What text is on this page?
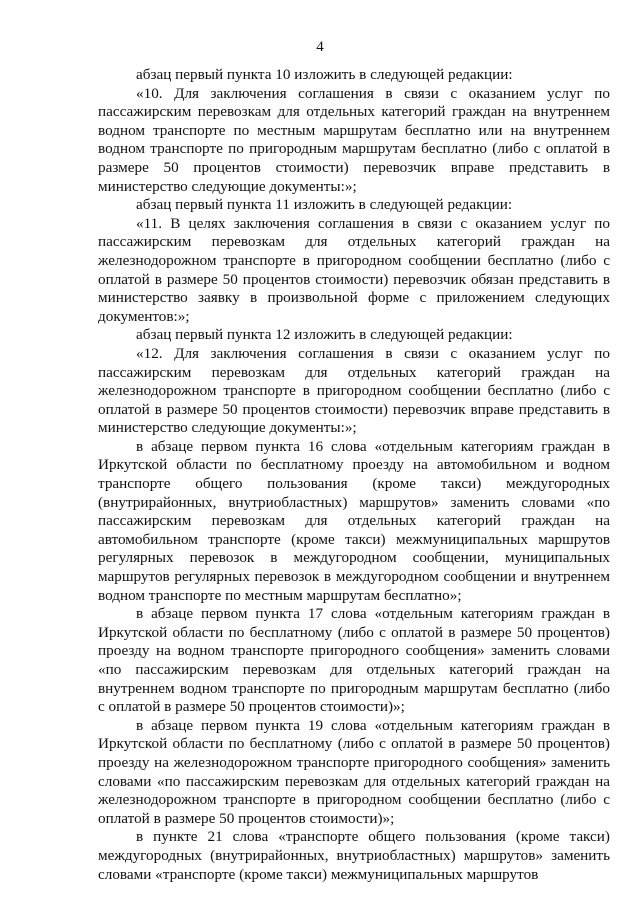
4

абзац первый пункта 10 изложить в следующей редакции:

«10. Для заключения соглашения в связи с оказанием услуг по пассажирским перевозкам для отдельных категорий граждан на внутреннем водном транспорте по местным маршрутам бесплатно или на внутреннем водном транспорте по пригородным маршрутам бесплатно (либо с оплатой в размере 50 процентов стоимости) перевозчик вправе представить в министерство следующие документы:»;

абзац первый пункта 11 изложить в следующей редакции:

«11. В целях заключения соглашения в связи с оказанием услуг по пассажирским перевозкам для отдельных категорий граждан на железнодорожном транспорте в пригородном сообщении бесплатно (либо с оплатой в размере 50 процентов стоимости) перевозчик обязан представить в министерство заявку в произвольной форме с приложением следующих документов:»;

абзац первый пункта 12 изложить в следующей редакции:

«12. Для заключения соглашения в связи с оказанием услуг по пассажирским перевозкам для отдельных категорий граждан на железнодорожном транспорте в пригородном сообщении бесплатно (либо с оплатой в размере 50 процентов стоимости) перевозчик вправе представить в министерство следующие документы:»;

в абзаце первом пункта 16 слова «отдельным категориям граждан в Иркутской области по бесплатному проезду на автомобильном и водном транспорте общего пользования (кроме такси) междугородных (внутрирайонных, внутриобластных) маршрутов» заменить словами «по пассажирским перевозкам для отдельных категорий граждан на автомобильном транспорте (кроме такси) межмуниципальных маршрутов регулярных перевозок в междугородном сообщении, муниципальных маршрутов регулярных перевозок в междугородном сообщении и внутреннем водном транспорте по местным маршрутам бесплатно»;

в абзаце первом пункта 17 слова «отдельным категориям граждан в Иркутской области по бесплатному (либо с оплатой в размере 50 процентов) проезду на водном транспорте пригородного сообщения» заменить словами «по пассажирским перевозкам для отдельных категорий граждан на внутреннем водном транспорте по пригородным маршрутам бесплатно (либо с оплатой в размере 50 процентов стоимости)»;

в абзаце первом пункта 19 слова «отдельным категориям граждан в Иркутской области по бесплатному (либо с оплатой в размере 50 процентов) проезду на железнодорожном транспорте пригородного сообщения» заменить словами «по пассажирским перевозкам для отдельных категорий граждан на железнодорожном транспорте в пригородном сообщении бесплатно (либо с оплатой в размере 50 процентов стоимости)»;

в пункте 21 слова «транспорте общего пользования (кроме такси) междугородных (внутрирайонных, внутриобластных) маршрутов» заменить словами «транспорте (кроме такси) межмуниципальных маршрутов
